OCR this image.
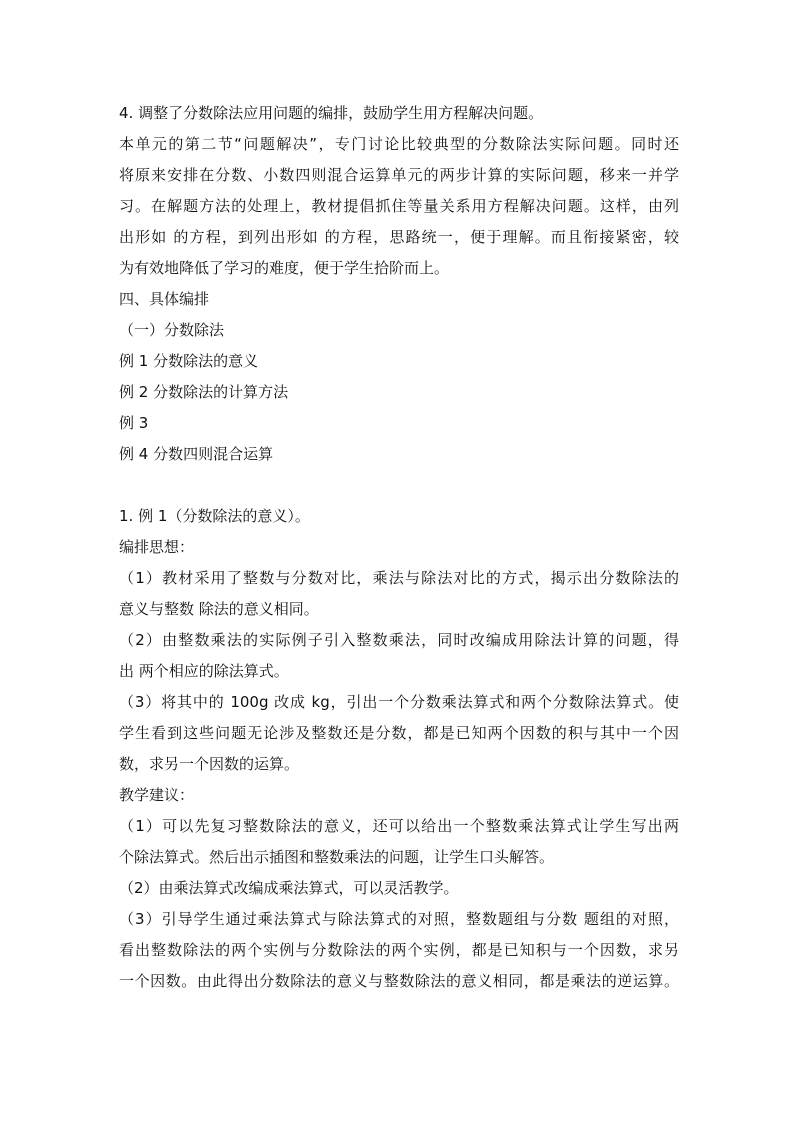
4. 调整了分数除法应用问题的编排，鼓励学生用方程解决问题。
本单元的第二节“问题解决”，专门讨论比较典型的分数除法实际问题。同时还
将原来安排在分数、小数四则混合运算单元的两步计算的实际问题，移来一并学
习。在解题方法的处理上，教材提倡抓住等量关系用方程解决问题。这样，由列
出形如 的方程，到列出形如 的方程，思路统一，便于理解。而且衔接紧密，较
为有效地降低了学习的难度，便于学生拾阶而上。
四、具体编排
（一）分数除法
例 1 分数除法的意义
例 2 分数除法的计算方法
例 3
例 4 分数四则混合运算
1. 例 1（分数除法的意义）。
编排思想：
（1）教材采用了整数与分数对比，乘法与除法对比的方式，揭示出分数除法的
意义与整数 除法的意义相同。
（2）由整数乘法的实际例子引入整数乘法，同时改编成用除法计算的问题，得
出 两个相应的除法算式。
（3）将其中的 100g 改成 kg，引出一个分数乘法算式和两个分数除法算式。使
学生看到这些问题无论涉及整数还是分数，都是已知两个因数的积与其中一个因
数，求另一个因数的运算。
教学建议：
（1）可以先复习整数除法的意义，还可以给出一个整数乘法算式让学生写出两
个除法算式。然后出示插图和整数乘法的问题，让学生口头解答。
（2）由乘法算式改编成乘法算式，可以灵活教学。
（3）引导学生通过乘法算式与除法算式的对照，整数题组与分数 题组的对照，
看出整数除法的两个实例与分数除法的两个实例，都是已知积与一个因数，求另
一个因数。由此得出分数除法的意义与整数除法的意义相同，都是乘法的逆运算。
